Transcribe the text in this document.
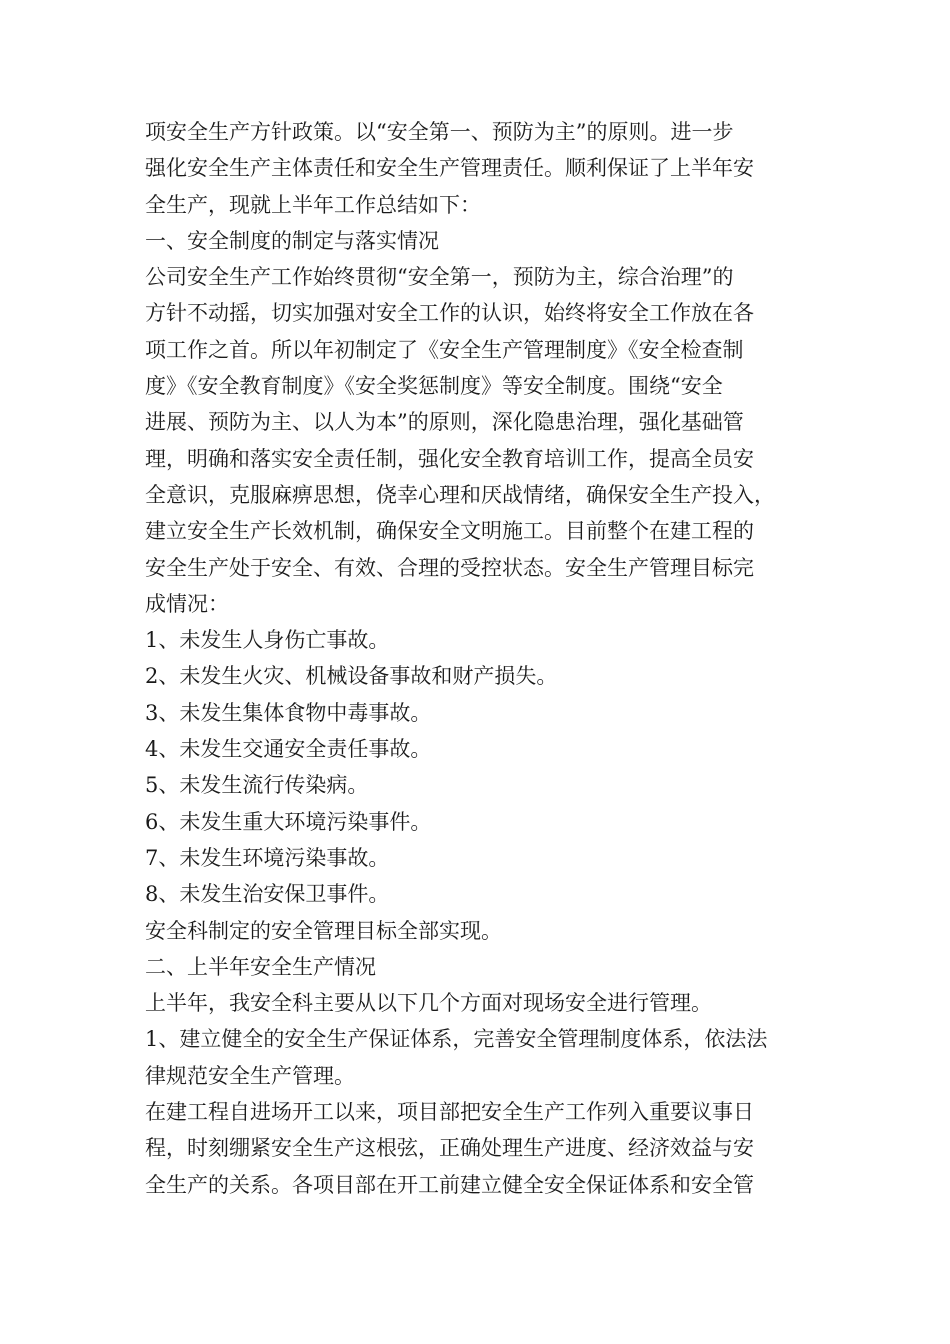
项安全生产方针政策。以“安全第一、预防为主”的原则。进一步
强化安全生产主体责任和安全生产管理责任。顺利保证了上半年安
全生产，现就上半年工作总结如下：
一、安全制度的制定与落实情况
公司安全生产工作始终贯彻“安全第一，预防为主，综合治理”的
方针不动摇，切实加强对安全工作的认识，始终将安全工作放在各
项工作之首。所以年初制定了《安全生产管理制度》《安全检查制
度》《安全教育制度》《安全奖惩制度》等安全制度。围绕“安全
进展、预防为主、以人为本”的原则，深化隐患治理，强化基础管
理，明确和落实安全责任制，强化安全教育培训工作，提高全员安
全意识，克服麻痹思想，侥幸心理和厌战情绪，确保安全生产投入，
建立安全生产长效机制，确保安全文明施工。目前整个在建工程的
安全生产处于安全、有效、合理的受控状态。安全生产管理目标完
成情况：
1、未发生人身伤亡事故。
2、未发生火灾、机械设备事故和财产损失。
3、未发生集体食物中毒事故。
4、未发生交通安全责任事故。
5、未发生流行传染病。
6、未发生重大环境污染事件。
7、未发生环境污染事故。
8、未发生治安保卫事件。
安全科制定的安全管理目标全部实现。
二、上半年安全生产情况
上半年，我安全科主要从以下几个方面对现场安全进行管理。
1、建立健全的安全生产保证体系，完善安全管理制度体系，依法法
律规范安全生产管理。
在建工程自进场开工以来，项目部把安全生产工作列入重要议事日
程，时刻绷紧安全生产这根弦，正确处理生产进度、经济效益与安
全生产的关系。各项目部在开工前建立健全安全保证体系和安全管
